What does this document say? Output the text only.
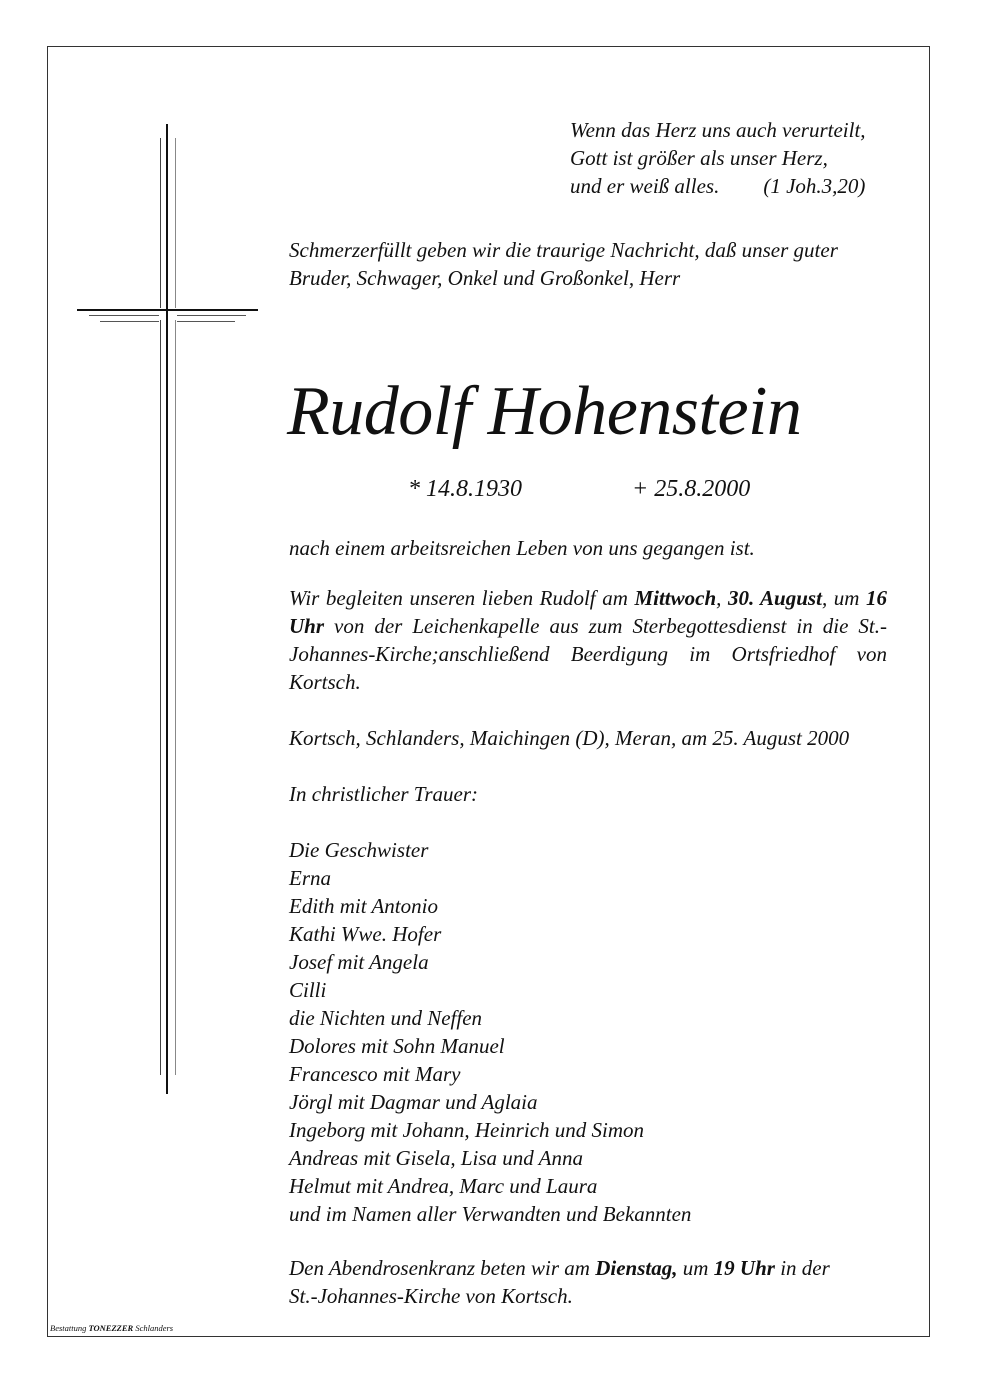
Wenn das Herz uns auch verurteilt,
Gott ist größer als unser Herz,
und er weiß alles. (1 Joh.3,20)
Schmerzerfüllt geben wir die traurige Nachricht, daß unser guter
Bruder, Schwager, Onkel und Großonkel, Herr
Rudolf Hohenstein
* 14.8.1930	+ 25.8.2000
nach einem arbeitsreichen Leben von uns gegangen ist.
Wir begleiten unseren lieben Rudolf am Mittwoch, 30. August, um 16 Uhr von der Leichenkapelle aus zum Sterbegottesdienst in die St.-Johannes-Kirche;anschließend Beerdigung im Ortsfriedhof von Kortsch.
Kortsch, Schlanders, Maichingen (D), Meran, am 25. August 2000
In christlicher Trauer:
Die Geschwister
Erna
Edith mit Antonio
Kathi Wwe. Hofer
Josef mit Angela
Cilli
die Nichten und Neffen
Dolores mit Sohn Manuel
Francesco mit Mary
Jörgl mit Dagmar und Aglaia
Ingeborg mit Johann, Heinrich und Simon
Andreas mit Gisela, Lisa und Anna
Helmut mit Andrea, Marc und Laura
und im Namen aller Verwandten und Bekannten
Den Abendrosenkranz beten wir am Dienstag, um 19 Uhr in der
St.-Johannes-Kirche von Kortsch.
Bestattung TONEZZER Schlanders
